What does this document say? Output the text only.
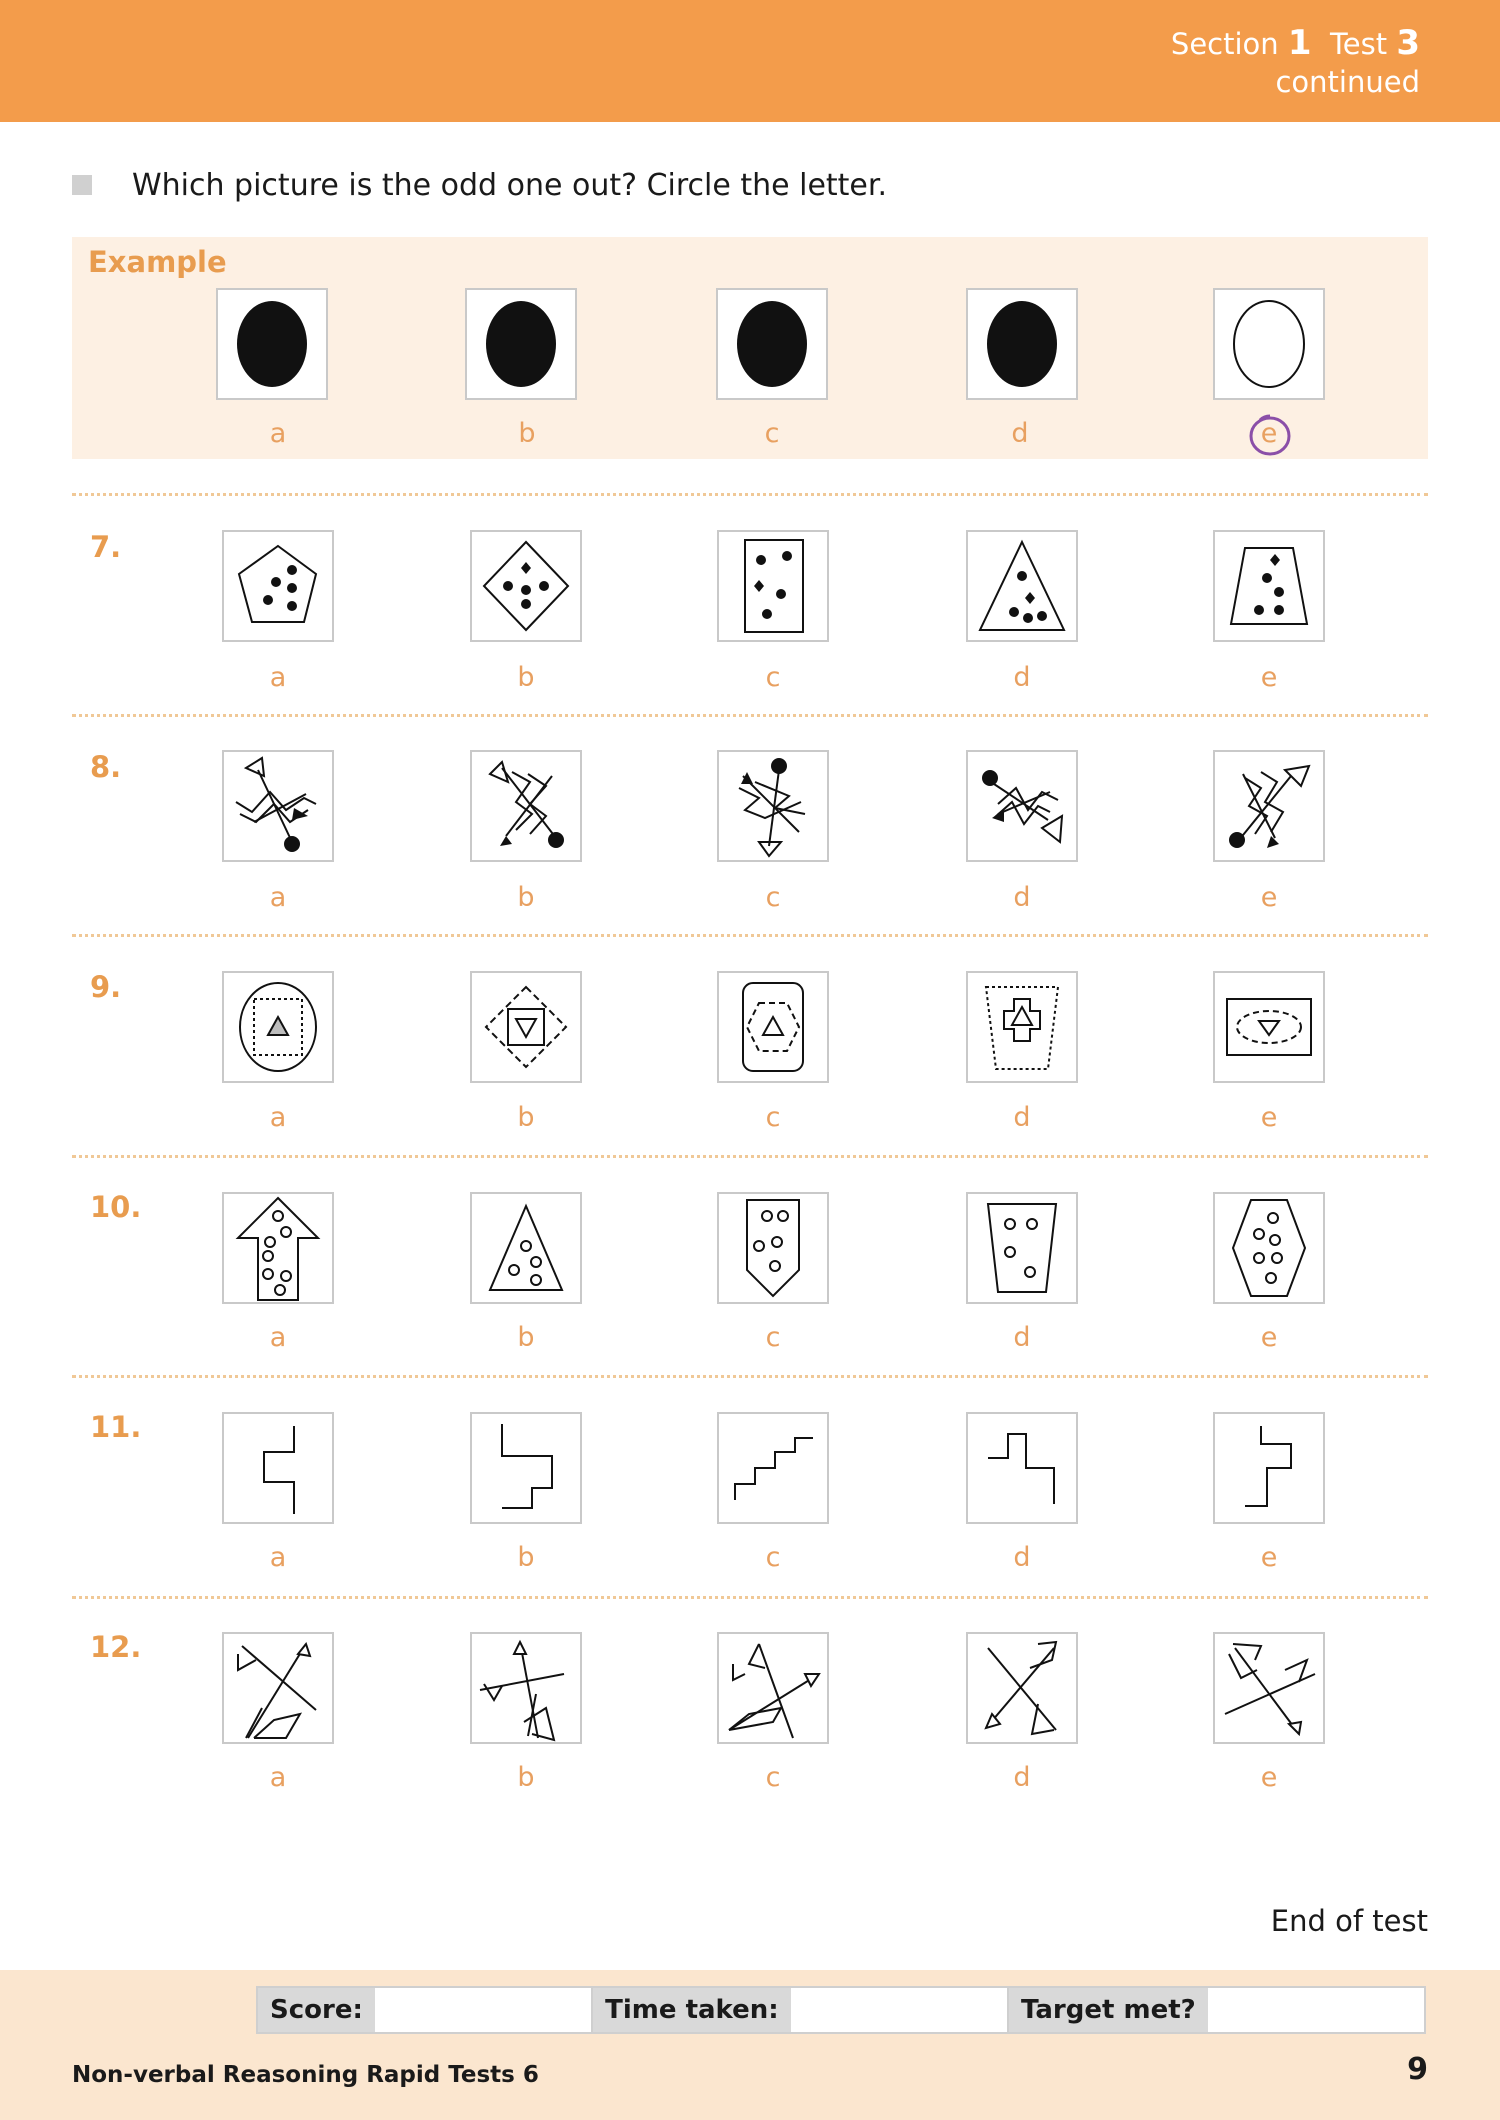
Section 1 Test 3
continued
Which picture is the odd one out? Circle the letter.
Example
a	b	c	d	e
7.
a	b	c	d	e
8.
a	b	c	d	e
9.
a	b	c	d	e
10.
a	b	c	d	e
11.
a	b	c	d	e
12.
a	b	c	d	e
End of test
Score:	Time taken:	Target met?
Non-verbal Reasoning Rapid Tests 6	9
